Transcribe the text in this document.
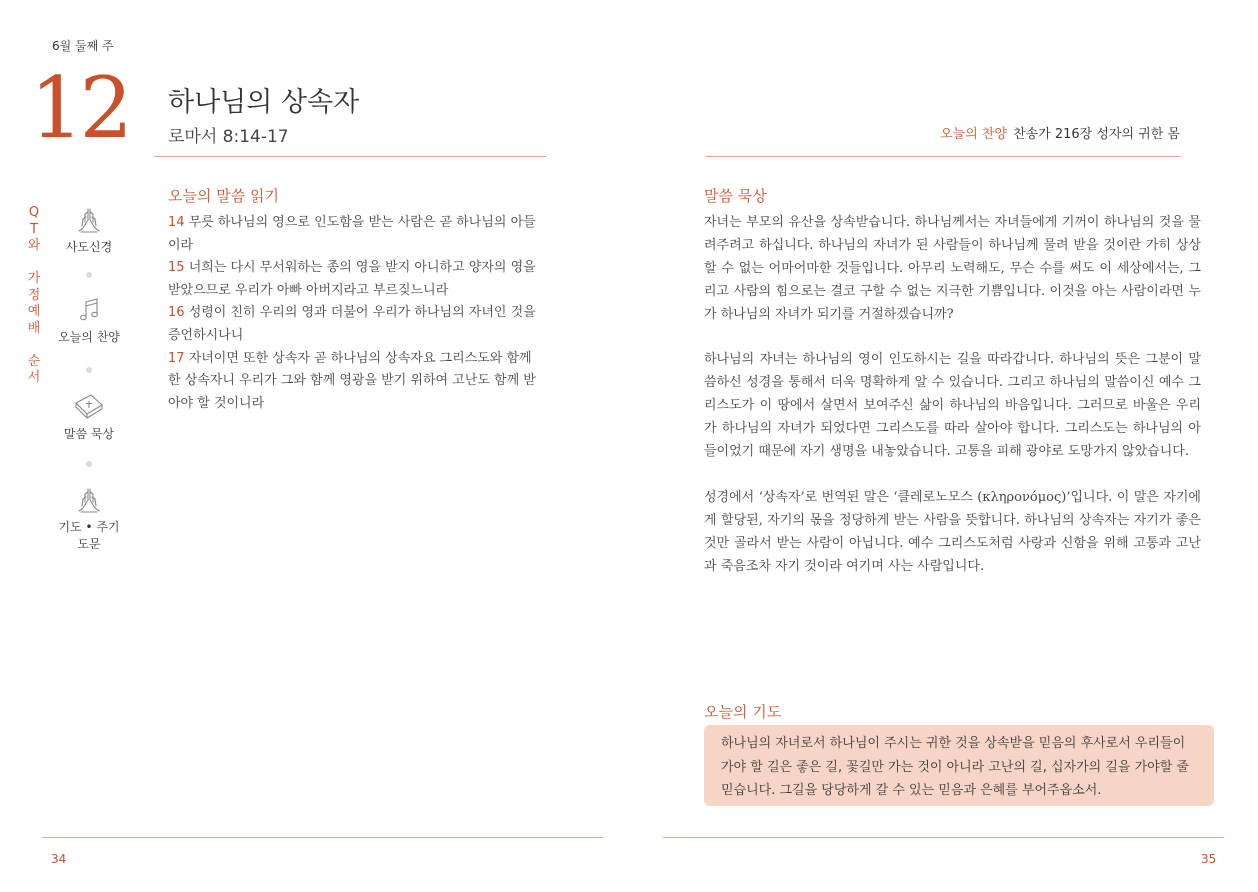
6월 둘째 주
12 하나님의 상속자
로마서 8:14-17
Q
T
와

가
정
예
배

순
서
사도신경
오늘의 찬양
말씀 묵상
기도 • 주기도문
오늘의 말씀 읽기
14 무릇 하나님의 영으로 인도함을 받는 사람은 곧 하나님의 아들이라
15 너희는 다시 무서워하는 종의 영을 받지 아니하고 양자의 영을 받았으므로 우리가 아빠 아버지라고 부르짖느니라
16 성령이 친히 우리의 영과 더불어 우리가 하나님의 자녀인 것을 증언하시나니
17 자녀이면 또한 상속자 곧 하나님의 상속자요 그리스도와 함께 한 상속자니 우리가 그와 함께 영광을 받기 위하여 고난도 함께 받아야 할 것이니라
34
오늘의 찬양 찬송가 216장 성자의 귀한 몸
말씀 묵상

자녀는 부모의 유산을 상속받습니다. 하나님께서는 자녀들에게 기꺼이 하나님의 것을 물려주려고 하십니다. 하나님의 자녀가 된 사람들이 하나님께 물려 받을 것이란 가히 상상할 수 없는 어마어마한 것들입니다. 아무리 노력해도, 무슨 수를 써도 이 세상에서는, 그리고 사람의 힘으로는 결코 구할 수 없는 지극한 기쁨입니다. 이것을 아는 사람이라면 누가 하나님의 자녀가 되기를 거절하겠습니까?

하나님의 자녀는 하나님의 영이 인도하시는 길을 따라갑니다. 하나님의 뜻은 그분이 말씀하신 성경을 통해서 더욱 명확하게 알 수 있습니다. 그리고 하나님의 말씀이신 예수 그리스도가 이 땅에서 살면서 보여주신 삶이 하나님의 바음입니다. 그러므로 바울은 우리가 하나님의 자녀가 되었다면 그리스도를 따라 살아야 합니다. 그리스도는 하나님의 아들이었기 때문에 자기 생명을 내놓았습니다. 고통을 피해 광야로 도망가지 않았습니다.

성경에서 ‘상속자’로 번역된 말은 ‘클레로노모스 (κληρονόμος)’입니다. 이 말은 자기에게 할당된, 자기의 몫을 정당하게 받는 사람을 뜻합니다. 하나님의 상속자는 자기가 좋은 것만 골라서 받는 사람이 아닙니다. 예수 그리스도처럼 사랑과 신함을 위해 고통과 고난과 죽음조차 자기 것이라 여기며 사는 사람입니다.

오늘의 기도
하나님의 자녀로서 하나님이 주시는 귀한 것을 상속받을 믿음의 후사로서 우리들이 가야 할 길은 좋은 길, 꽃길만 가는 것이 아니라 고난의 길, 십자가의 길을 가야할 줄 믿습니다. 그길을 당당하게 갈 수 있는 믿음과 은혜를 부어주옵소서.
35
